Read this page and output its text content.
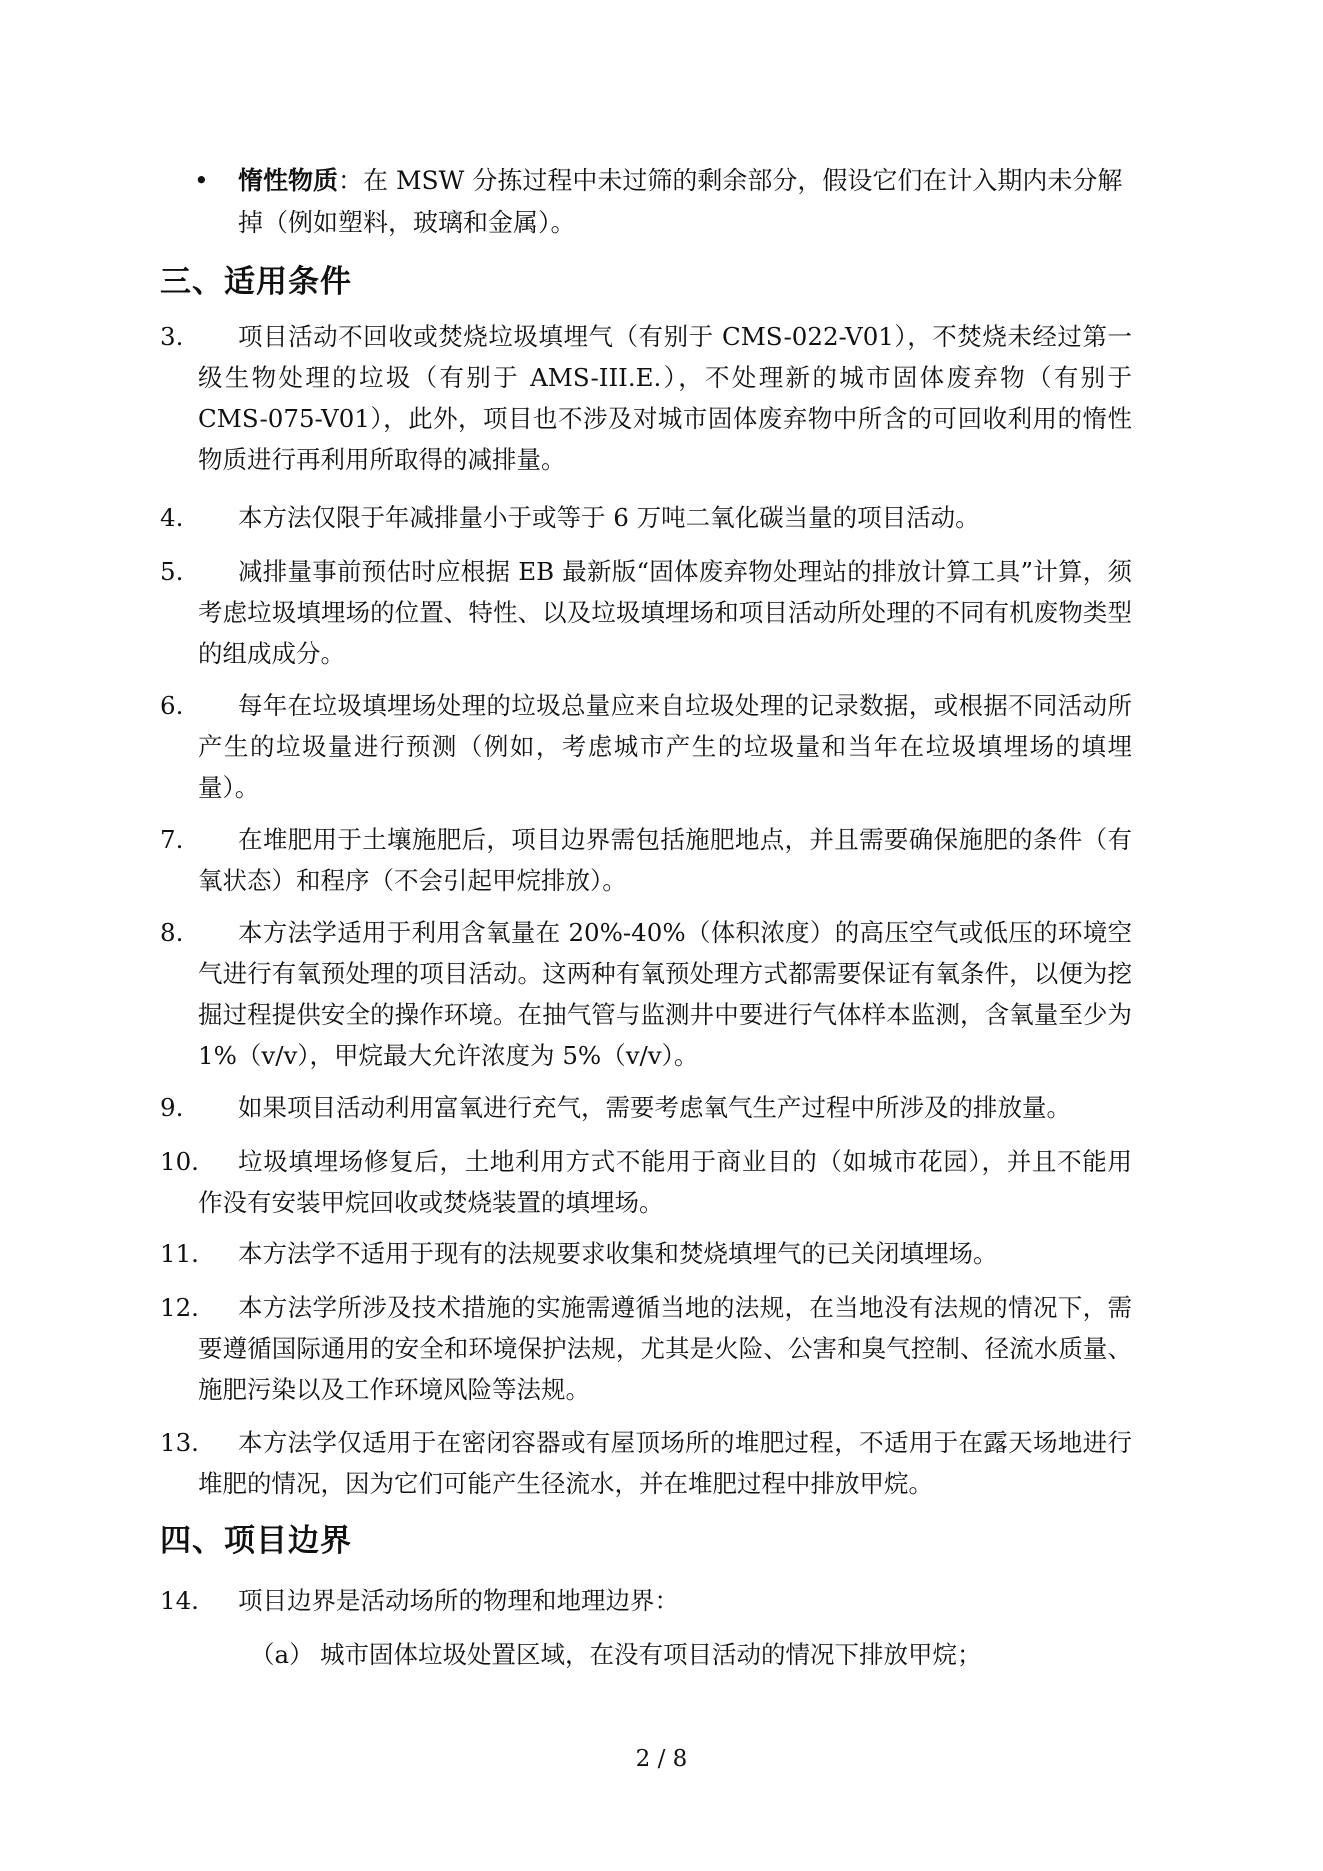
• 惰性物质：在 MSW 分拣过程中未过筛的剩余部分，假设它们在计入期内未分解掉（例如塑料，玻璃和金属）。
三、适用条件
3.	项目活动不回收或焚烧垃圾填埋气（有别于 CMS-022-V01），不焚烧未经过第一级生物处理的垃圾（有别于 AMS-III.E.），不处理新的城市固体废弃物（有别于 CMS-075-V01），此外，项目也不涉及对城市固体废弃物中所含的可回收利用的惰性物质进行再利用所取得的减排量。
4.	本方法仅限于年减排量小于或等于 6 万吨二氧化碳当量的项目活动。
5.	减排量事前预估时应根据 EB 最新版“固体废弃物处理站的排放计算工具”计算，须考虑垃圾填埋场的位置、特性、以及垃圾填埋场和项目活动所处理的不同有机废物类型的组成成分。
6.	每年在垃圾填埋场处理的垃圾总量应来自垃圾处理的记录数据，或根据不同活动所产生的垃圾量进行预测（例如，考虑城市产生的垃圾量和当年在垃圾填埋场的填埋量）。
7.	在堆肥用于土壤施肥后，项目边界需包括施肥地点，并且需要确保施肥的条件（有氧状态）和程序（不会引起甲烷排放）。
8.	本方法学适用于利用含氧量在 20%-40%（体积浓度）的高压空气或低压的环境空气进行有氧预处理的项目活动。这两种有氧预处理方式都需要保证有氧条件，以便为挖掘过程提供安全的操作环境。在抽气管与监测井中要进行气体样本监测，含氧量至少为 1%（v/v），甲烷最大允许浓度为 5%（v/v）。
9.	如果项目活动利用富氧进行充气，需要考虑氧气生产过程中所涉及的排放量。
10.	垃圾填埋场修复后，土地利用方式不能用于商业目的（如城市花园），并且不能用作没有安装甲烷回收或焚烧装置的填埋场。
11.	本方法学不适用于现有的法规要求收集和焚烧填埋气的已关闭填埋场。
12.	本方法学所涉及技术措施的实施需遵循当地的法规，在当地没有法规的情况下，需要遵循国际通用的安全和环境保护法规，尤其是火险、公害和臭气控制、径流水质量、施肥污染以及工作环境风险等法规。
13.	本方法学仅适用于在密闭容器或有屋顶场所的堆肥过程，不适用于在露天场地进行堆肥的情况，因为它们可能产生径流水，并在堆肥过程中排放甲烷。
四、项目边界
14.	项目边界是活动场所的物理和地理边界：
（a） 城市固体垃圾处置区域，在没有项目活动的情况下排放甲烷；
2 / 8
